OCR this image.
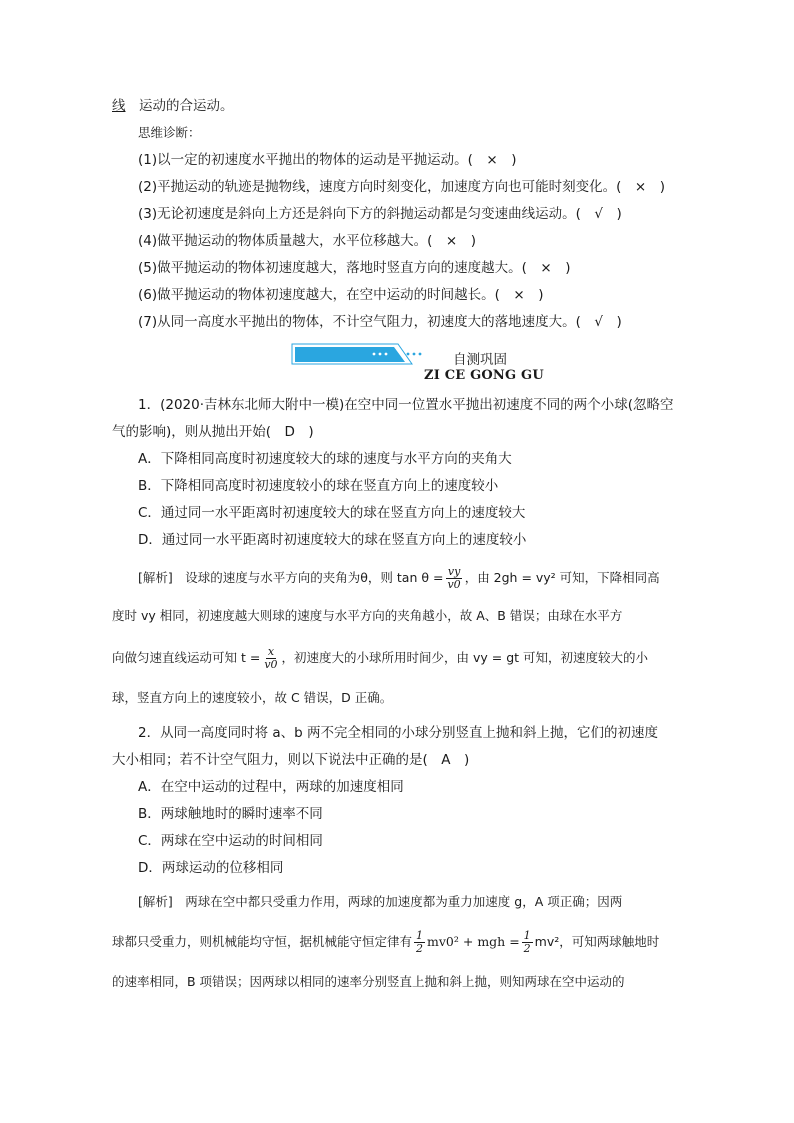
线　 运动的合运动。
思维诊断：
(1)以一定的初速度水平抛出的物体的运动是平抛运动。(　×　)
(2)平抛运动的轨迹是抛物线，速度方向时刻变化，加速度方向也可能时刻变化。(　×　)
(3)无论初速度是斜向上方还是斜向下方的斜抛运动都是匀变速曲线运动。(　√　)
(4)做平抛运动的物体质量越大，水平位移越大。(　×　)
(5)做平抛运动的物体初速度越大，落地时竖直方向的速度越大。(　×　)
(6)做平抛运动的物体初速度越大，在空中运动的时间越长。(　×　)
(7)从同一高度水平抛出的物体，不计空气阻力，初速度大的落地速度大。(　√　)
自测巩固
ZI CE GONG GU
1．(2020·吉林东北师大附中一模)在空中同一位置水平抛出初速度不同的两个小球(忽略空
气的影响)，则从抛出开始(　D　)
A．下降相同高度时初速度较大的球的速度与水平方向的夹角大
B．下降相同高度时初速度较小的球在竖直方向上的速度较小
C．通过同一水平距离时初速度较大的球在竖直方向上的速度较大
D．通过同一水平距离时初速度较大的球在竖直方向上的速度较小
[解析]　 设球的速度与水平方向的夹角为θ，则 $\tan \theta = \frac{vy}{v0}$ ，由 2gh = vy² 可知，下降相同高
度时 vy 相同，初速度越大则球的速度与水平方向的夹角越小，故 A、B 错误；由球在水平方
向做匀速直线运动可知 $t = \frac{x}{v0}$ ，初速度大的小球所用时间少，由 vy = gt 可知，初速度较大的小
球，竖直方向上的速度较小，故 C 错误，D 正确。
2．从同一高度同时将 a、b 两不完全相同的小球分别竖直上抛和斜上抛，它们的初速度
大小相同；若不计空气阻力，则以下说法中正确的是(　A　)
A．在空中运动的过程中，两球的加速度相同
B．两球触地时的瞬时速率不同
C．两球在空中运动的时间相同
D．两球运动的位移相同
[解析]　 两球在空中都只受重力作用，两球的加速度都为重力加速度 g，A 项正确；因两
球都只受重力，则机械能均守恒，据机械能守恒定律有 $\frac{1}{2} mv0^2$ + mgh = $\frac{1}{2} mv^2$，可知两球触地时
的速率相同，B 项错误；因两球以相同的速率分别竖直上抛和斜上抛，则知两球在空中运动的
